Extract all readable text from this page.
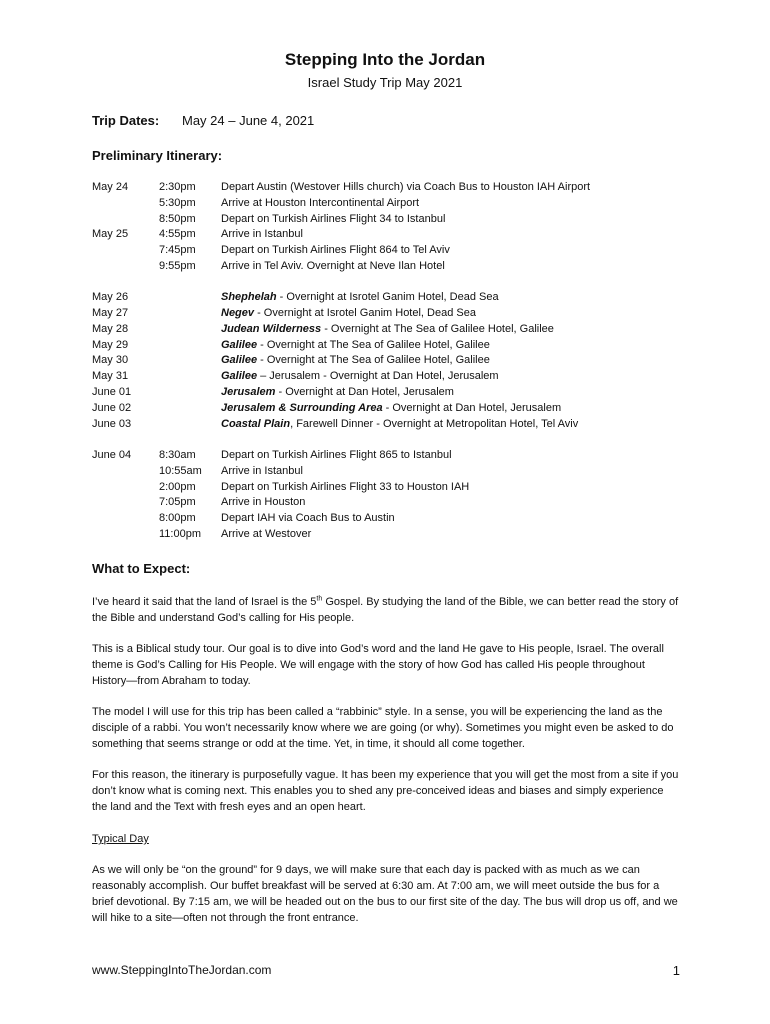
Stepping Into the Jordan
Israel Study Trip May 2021
Trip Dates: May 24 – June 4, 2021
Preliminary Itinerary:
May 24	2:30pm	Depart Austin (Westover Hills church) via Coach Bus to Houston IAH Airport
5:30pm	Arrive at Houston Intercontinental Airport
8:50pm	Depart on Turkish Airlines Flight 34 to Istanbul
May 25	4:55pm	Arrive in Istanbul
7:45pm	Depart on Turkish Airlines Flight 864 to Tel Aviv
9:55pm	Arrive in Tel Aviv. Overnight at Neve Ilan Hotel
May 26	Shephelah - Overnight at Isrotel Ganim Hotel, Dead Sea
May 27	Negev - Overnight at Isrotel Ganim Hotel, Dead Sea
May 28	Judean Wilderness - Overnight at The Sea of Galilee Hotel, Galilee
May 29	Galilee - Overnight at The Sea of Galilee Hotel, Galilee
May 30	Galilee - Overnight at The Sea of Galilee Hotel, Galilee
May 31	Galilee – Jerusalem - Overnight at Dan Hotel, Jerusalem
June 01	Jerusalem - Overnight at Dan Hotel, Jerusalem
June 02	Jerusalem & Surrounding Area - Overnight at Dan Hotel, Jerusalem
June 03	Coastal Plain, Farewell Dinner - Overnight at Metropolitan Hotel, Tel Aviv
June 04	8:30am	Depart on Turkish Airlines Flight 865 to Istanbul
10:55am	Arrive in Istanbul
2:00pm	Depart on Turkish Airlines Flight 33 to Houston IAH
7:05pm	Arrive in Houston
8:00pm	Depart IAH via Coach Bus to Austin
11:00pm	Arrive at Westover
What to Expect:
I’ve heard it said that the land of Israel is the 5th Gospel. By studying the land of the Bible, we can better read the story of the Bible and understand God’s calling for His people.
This is a Biblical study tour. Our goal is to dive into God’s word and the land He gave to His people, Israel. The overall theme is God’s Calling for His People. We will engage with the story of how God has called His people throughout History—from Abraham to today.
The model I will use for this trip has been called a “rabbinic” style. In a sense, you will be experiencing the land as the disciple of a rabbi. You won’t necessarily know where we are going (or why). Sometimes you might even be asked to do something that seems strange or odd at the time. Yet, in time, it should all come together.
For this reason, the itinerary is purposefully vague. It has been my experience that you will get the most from a site if you don’t know what is coming next. This enables you to shed any pre-conceived ideas and biases and simply experience the land and the Text with fresh eyes and an open heart.
Typical Day
As we will only be “on the ground” for 9 days, we will make sure that each day is packed with as much as we can reasonably accomplish. Our buffet breakfast will be served at 6:30 am. At 7:00 am, we will meet outside the bus for a brief devotional. By 7:15 am, we will be headed out on the bus to our first site of the day. The bus will drop us off, and we will hike to a site—often not through the front entrance.
www.SteppingIntoTheJordan.com	1
